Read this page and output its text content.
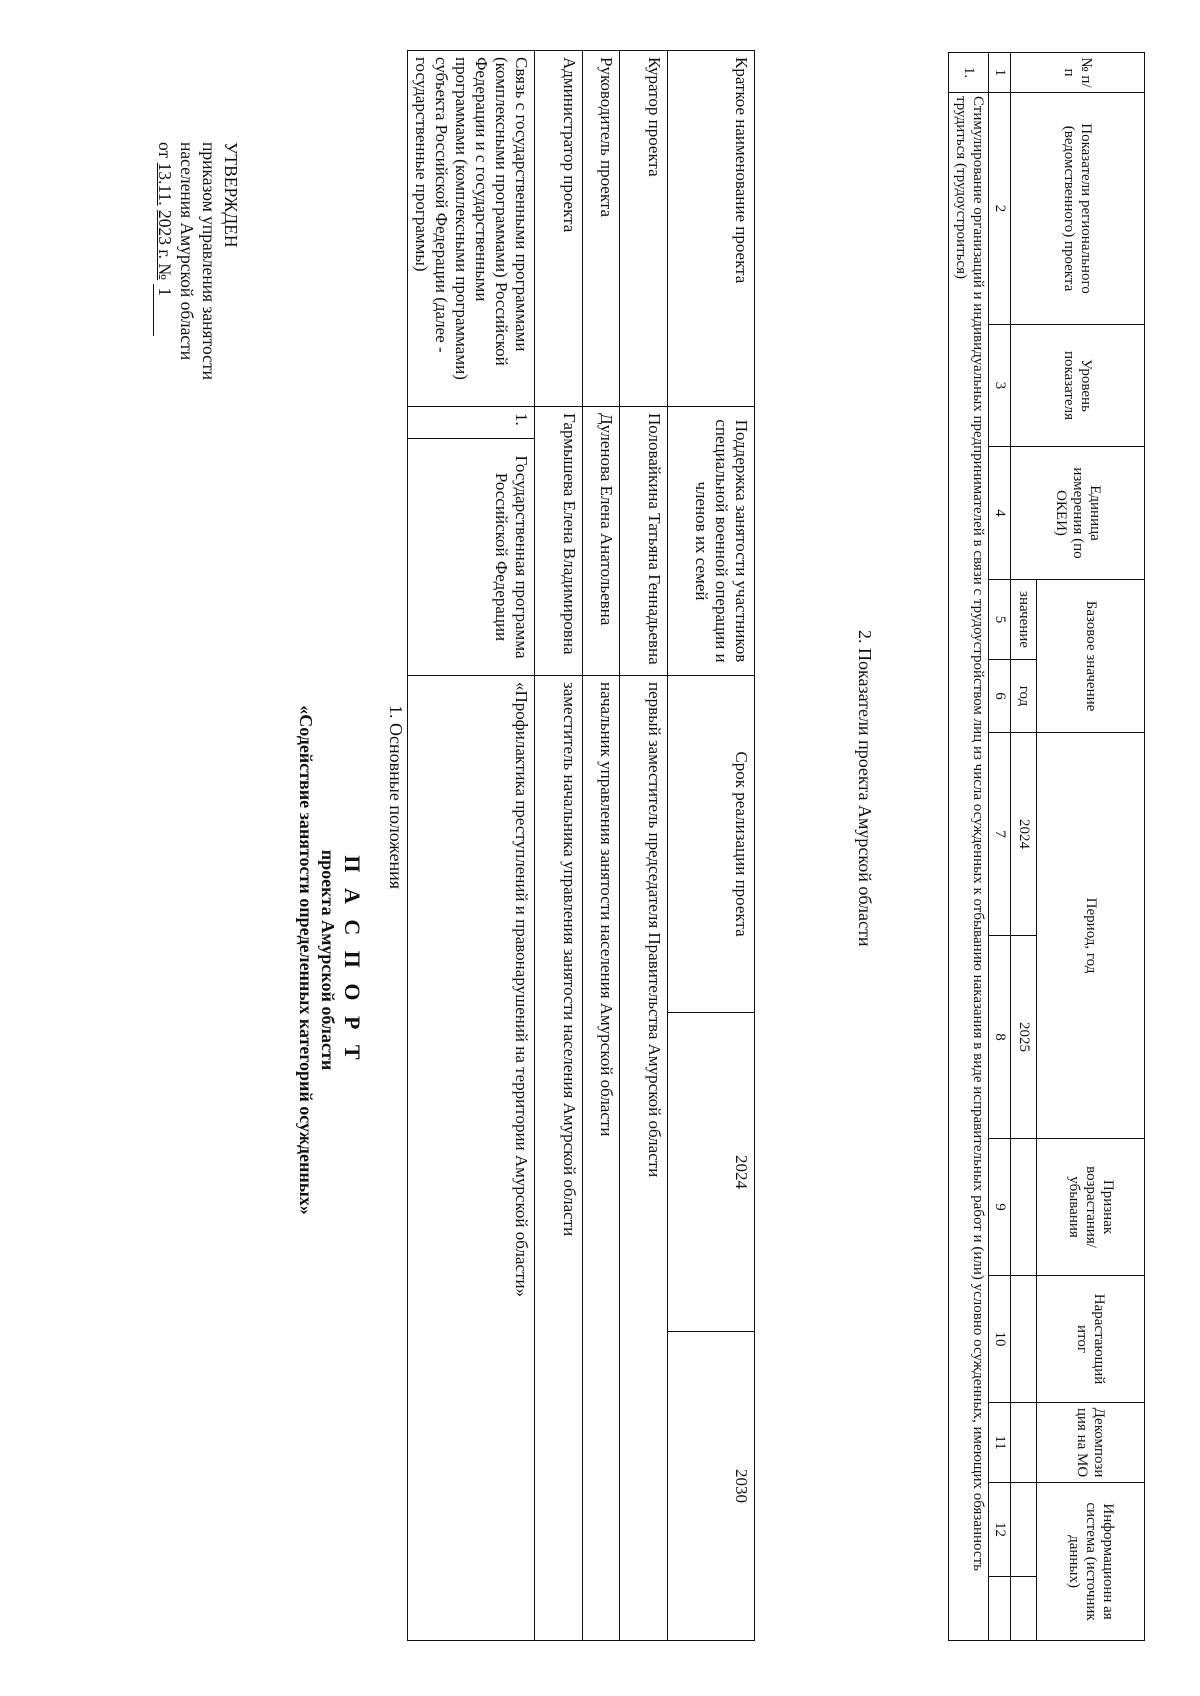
УТВЕРЖДЕН
приказом управления занятости
населения Амурской области
от 13.11. 2023 г. № 1
П А С П О Р Т
проекта Амурской области
«Содействие занятости определенных категорий осужденных»	1. Основные положения
Краткое наименование проекта	Поддержка занятости участников специальной военной операции и членов их семей		Срок реализации проекта	2024	2030
Куратор проекта	Половайкина Татьяна Геннадьевна		первый заместитель председателя Правительства Амурской области		
Руководитель проекта	Дуленова Елена Анатольевна		начальник управления занятости населения Амурской области		
Администратор проекта	Гармышева Елена Владимировна		заместитель начальника управления занятости населения Амурской области		
Связь с государственными программами (комплексными программами) Российской Федерации и с государственными программами (комплексными программами) субъекта Российской Федерации (далее - государственные программы)	1.	Государственная программа Российской Федерации	«Профилактика преступлений и правонарушений на территории Амурской области»			2. Показатели проекта Амурской области
№ п/п	Показатели регионального (ведомственного) проекта	Уровень показателя	Единица измерения (по ОКЕИ)	Базовое значение		Период, год		Признак возрастания/ убывания	Нарастающий итог	Декомпози ция на МО	Информационн ая система (источник данных)	
				значение	год	2024	2025					
1	2	3	4	5	6	7	8	9	10	11	12	
1.	Стимулирование организаций и индивидуальных предпринимателей в связи с трудоустройством лиц из числа осужденных к отбыванию наказания в виде исправительных работ и (или) условно осужденных, имеющих обязанность трудиться (трудоустроиться)											
